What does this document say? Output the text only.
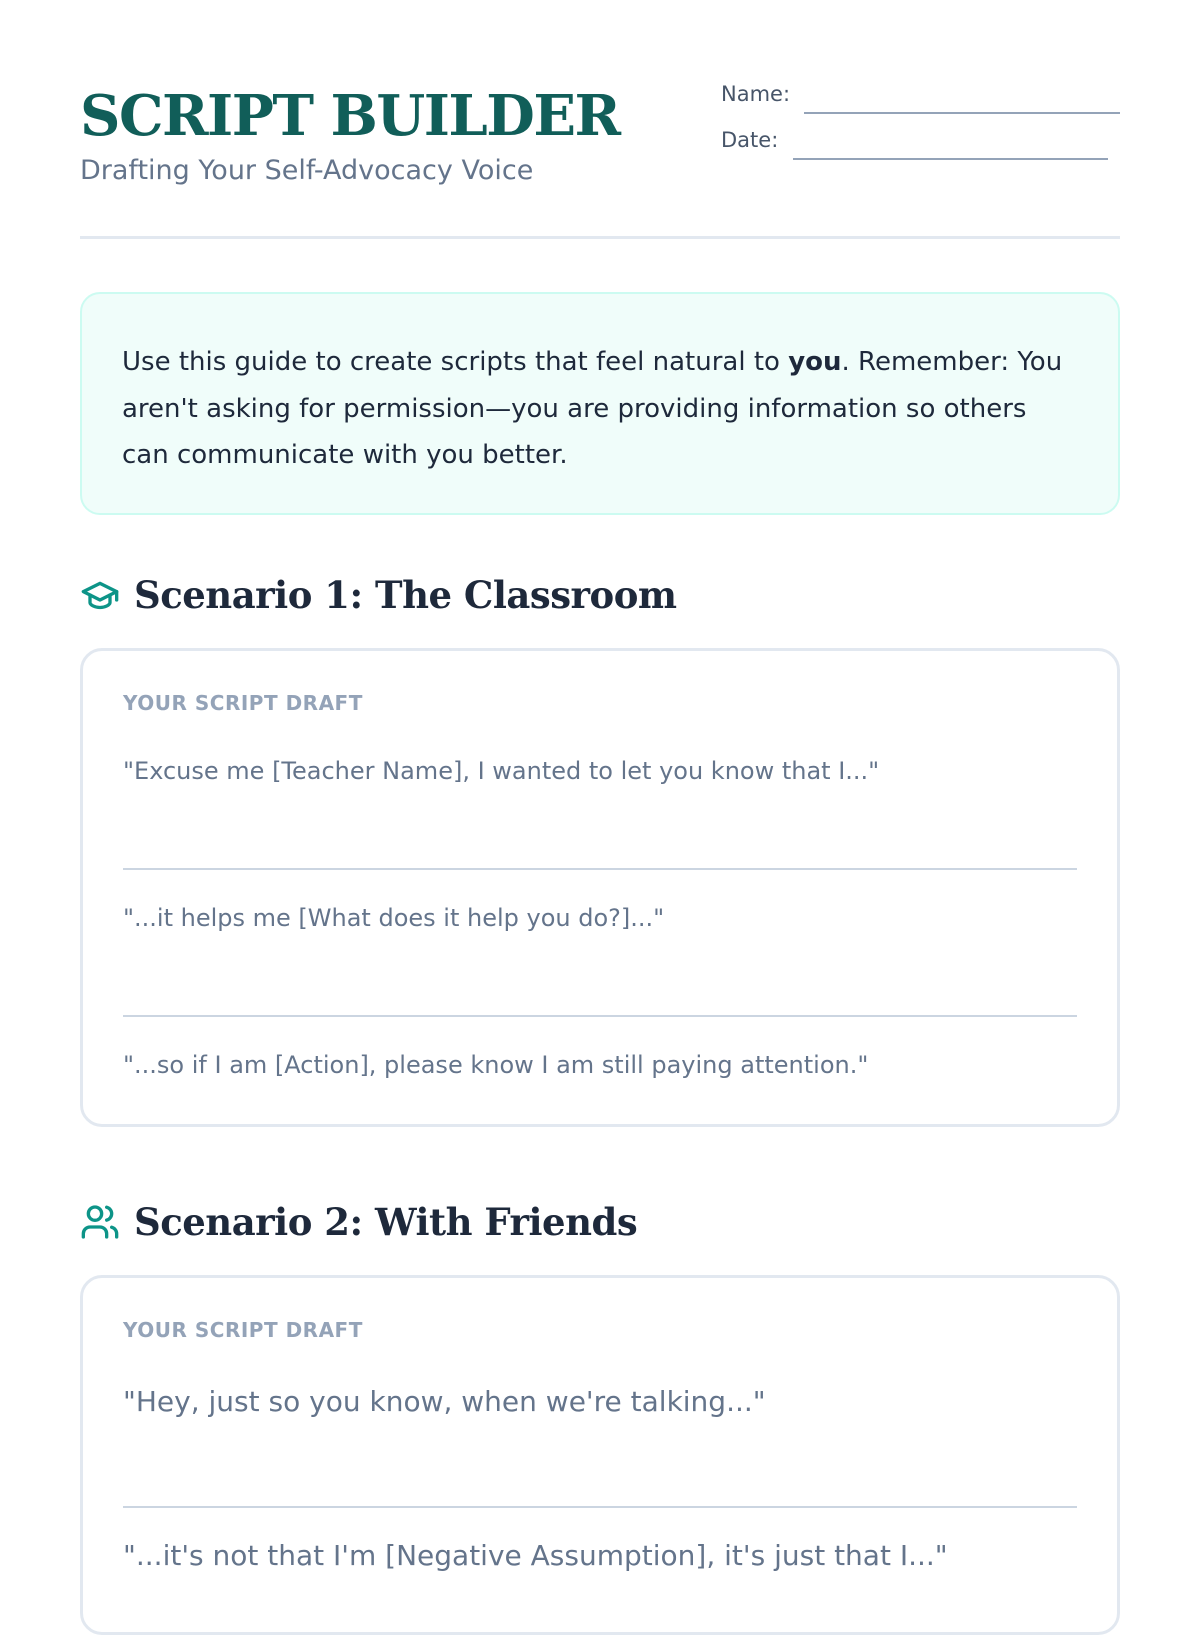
SCRIPT BUILDER
Drafting Your Self-Advocacy Voice
Name:
Date:
Use this guide to create scripts that feel natural to you. Remember: You aren't asking for permission—you are providing information so others can communicate with you better.
Scenario 1: The Classroom
YOUR SCRIPT DRAFT
"Excuse me [Teacher Name], I wanted to let you know that I..."
"...it helps me [What does it help you do?]..."
"...so if I am [Action], please know I am still paying attention."
Scenario 2: With Friends
YOUR SCRIPT DRAFT
"Hey, just so you know, when we're talking..."
"...it's not that I'm [Negative Assumption], it's just that I..."
